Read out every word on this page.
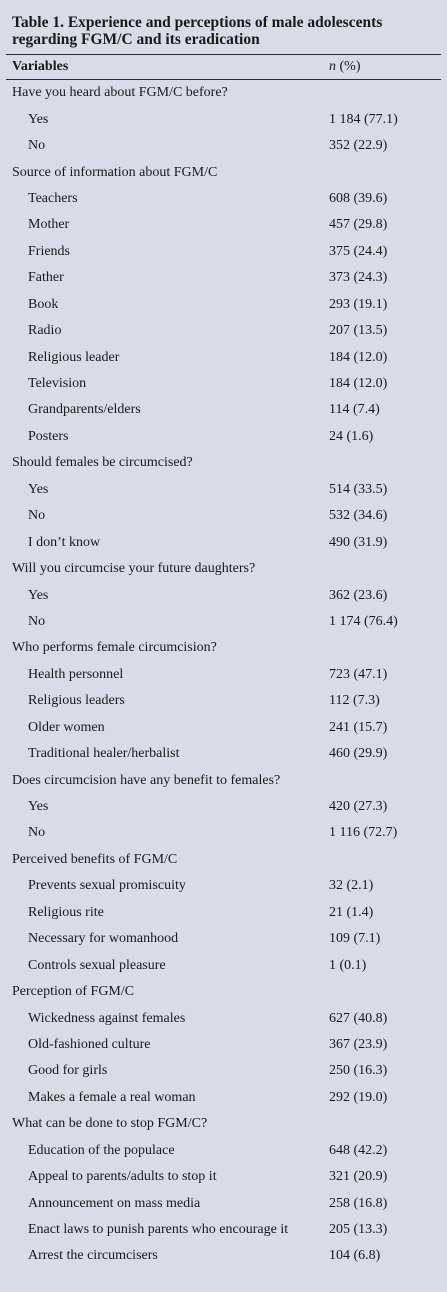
Table 1. Experience and perceptions of male adolescents regarding FGM/C and its eradication
Variables	n (%)
Have you heard about FGM/C before?
Yes	1 184 (77.1)
No	352 (22.9)
Source of information about FGM/C
Teachers	608 (39.6)
Mother	457 (29.8)
Friends	375 (24.4)
Father	373 (24.3)
Book	293 (19.1)
Radio	207 (13.5)
Religious leader	184 (12.0)
Television	184 (12.0)
Grandparents/elders	114 (7.4)
Posters	24 (1.6)
Should females be circumcised?
Yes	514 (33.5)
No	532 (34.6)
I don’t know	490 (31.9)
Will you circumcise your future daughters?
Yes	362 (23.6)
No	1 174 (76.4)
Who performs female circumcision?
Health personnel	723 (47.1)
Religious leaders	112 (7.3)
Older women	241 (15.7)
Traditional healer/herbalist	460 (29.9)
Does circumcision have any benefit to females?
Yes	420 (27.3)
No	1 116 (72.7)
Perceived benefits of FGM/C
Prevents sexual promiscuity	32 (2.1)
Religious rite	21 (1.4)
Necessary for womanhood	109 (7.1)
Controls sexual pleasure	1 (0.1)
Perception of FGM/C
Wickedness against females	627 (40.8)
Old-fashioned culture	367 (23.9)
Good for girls	250 (16.3)
Makes a female a real woman	292 (19.0)
What can be done to stop FGM/C?
Education of the populace	648 (42.2)
Appeal to parents/adults to stop it	321 (20.9)
Announcement on mass media	258 (16.8)
Enact laws to punish parents who encourage it	205 (13.3)
Arrest the circumcisers	104 (6.8)
